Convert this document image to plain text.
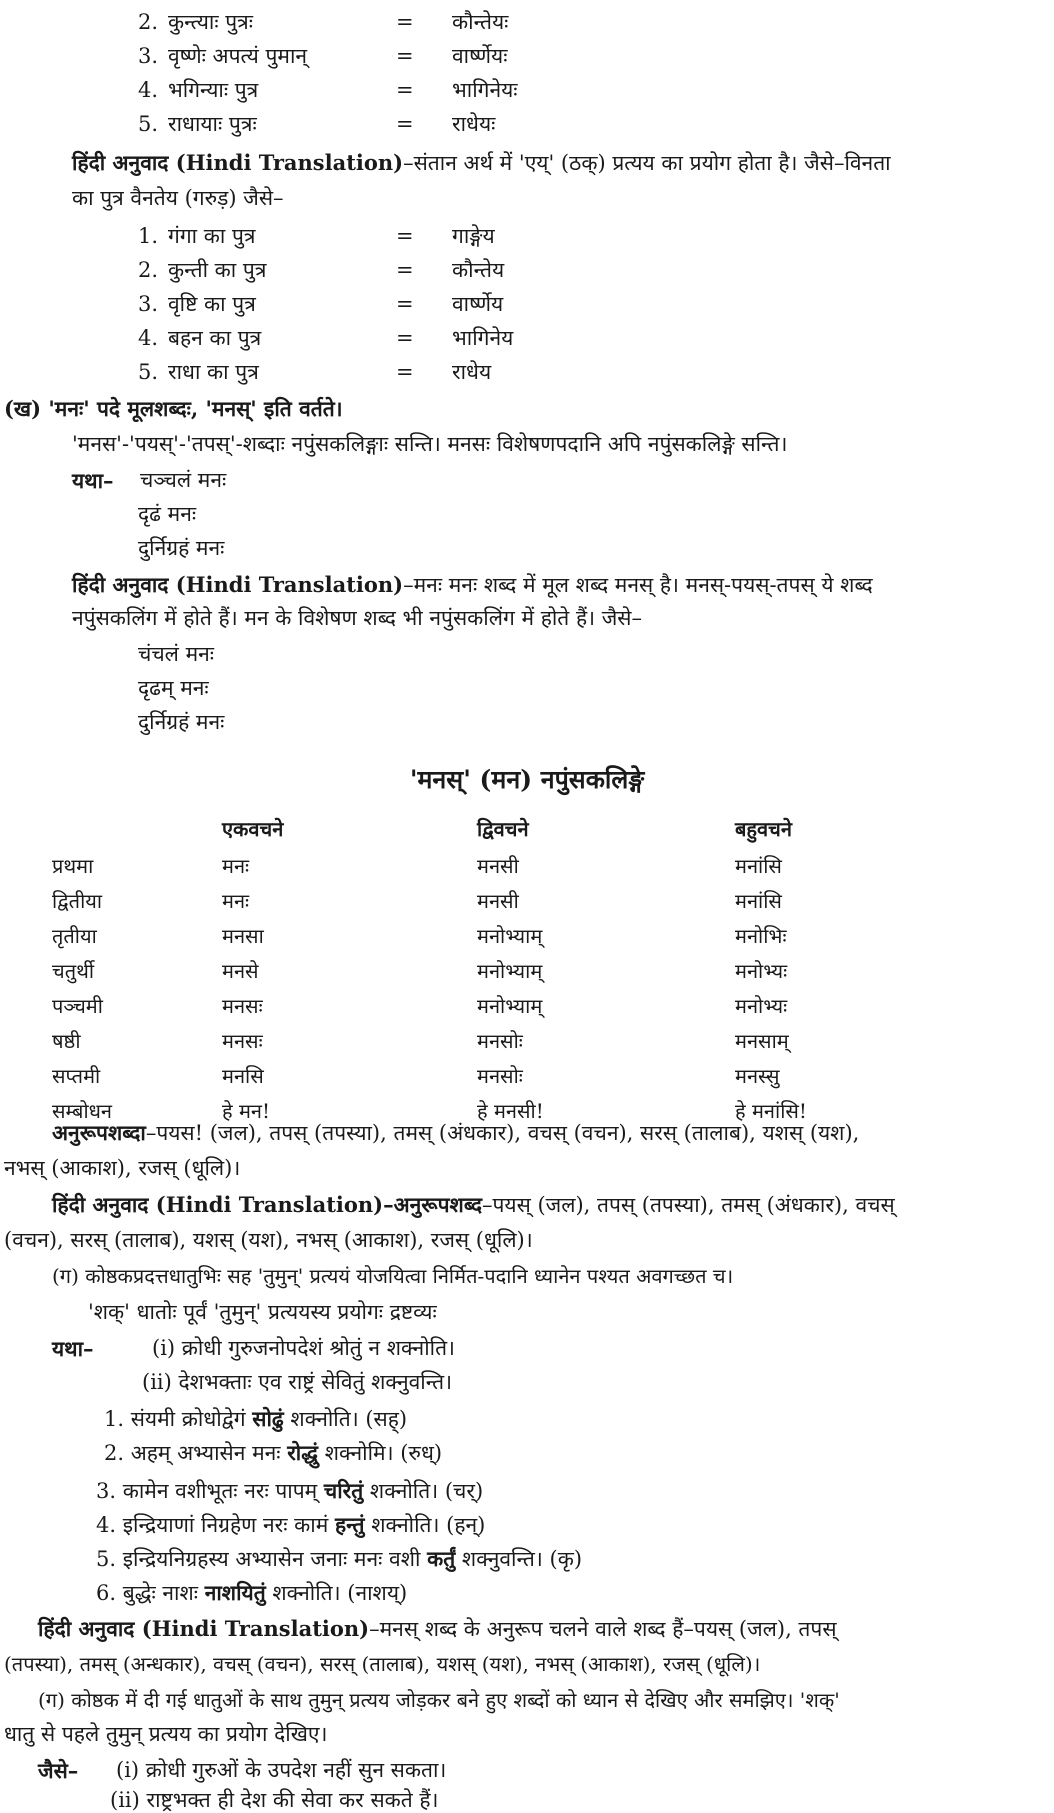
2. कुन्त्याः पुत्रः	= कौन्तेयः
3. वृष्णेः अपत्यं पुमान्	= वार्ष्णेयः
4. भगिन्याः पुत्र	= भागिनेयः
5. राधायाः पुत्रः	= राधेयः
हिंदी अनुवाद (Hindi Translation)–संतान अर्थ में 'एय्' (ठक्) प्रत्यय का प्रयोग होता है। जैसे–विनता
का पुत्र वैनतेय (गरुड़) जैसे–
1. गंगा का पुत्र	= गाङ्गेय
2. कुन्ती का पुत्र	= कौन्तेय
3. वृष्टि का पुत्र	= वार्ष्णेय
4. बहन का पुत्र	= भागिनेय
5. राधा का पुत्र	= राधेय
(ख) 'मनः' पदे मूलशब्दः, 'मनस्' इति वर्तते।
'मनस'-'पयस्'-'तपस्'-शब्दाः नपुंसकलिङ्गाः सन्ति। मनसः विशेषणपदानि अपि नपुंसकलिङ्गे सन्ति।
यथा– चञ्चलं मनः
दृढं मनः
दुर्निग्रहं मनः
हिंदी अनुवाद (Hindi Translation)–मनः मनः शब्द में मूल शब्द मनस् है। मनस्-पयस्-तपस् ये शब्द
नपुंसकलिंग में होते हैं। मन के विशेषण शब्द भी नपुंसकलिंग में होते हैं। जैसे–
चंचलं मनः
दृढम् मनः
दुर्निग्रहं मनः
'मनस्' (मन) नपुंसकलिङ्गे
	एकवचने	द्विवचने	बहुवचने
प्रथमा	मनः	मनसी	मनांसि
द्वितीया	मनः	मनसी	मनांसि
तृतीया	मनसा	मनोभ्याम्	मनोभिः
चतुर्थी	मनसे	मनोभ्याम्	मनोभ्यः
पञ्चमी	मनसः	मनोभ्याम्	मनोभ्यः
षष्ठी	मनसः	मनसोः	मनसाम्
सप्तमी	मनसि	मनसोः	मनस्सु
सम्बोधन	हे मन!	हे मनसी!	हे मनांसि!
अनुरूपशब्दा–पयस! (जल), तपस् (तपस्या), तमस् (अंधकार), वचस् (वचन), सरस् (तालाब), यशस् (यश),
नभस् (आकाश), रजस् (धूलि)।
हिंदी अनुवाद (Hindi Translation)–अनुरूपशब्द–पयस् (जल), तपस् (तपस्या), तमस् (अंधकार), वचस्
(वचन), सरस् (तालाब), यशस् (यश), नभस् (आकाश), रजस् (धूलि)।
(ग) कोष्ठकप्रदत्तधातुभिः सह 'तुमुन्' प्रत्ययं योजयित्वा निर्मित-पदानि ध्यानेन पश्यत अवगच्छत च।
'शक्' धातोः पूर्वं 'तुमुन्' प्रत्ययस्य प्रयोगः द्रष्टव्यः
यथा–	(i) क्रोधी गुरुजनोपदेशं श्रोतुं न शक्नोति।
(ii) देशभक्ताः एव राष्ट्रं सेवितुं शक्नुवन्ति।
1. संयमी क्रोधोद्वेगं सोढुं शक्नोति। (सह्)
2. अहम् अभ्यासेन मनः रोद्धुं शक्नोमि। (रुध्)
3. कामेन वशीभूतः नरः पापम् चरितुं शक्नोति। (चर्)
4. इन्द्रियाणां निग्रहेण नरः कामं हन्तुं शक्नोति। (हन्)
5. इन्द्रियनिग्रहस्य अभ्यासेन जनाः मनः वशी कर्तुं शक्नुवन्ति। (कृ)
6. बुद्धेः नाशः नाशयितुं शक्नोति। (नाशय्)
हिंदी अनुवाद (Hindi Translation)–मनस् शब्द के अनुरूप चलने वाले शब्द हैं–पयस् (जल), तपस्
(तपस्या), तमस् (अन्धकार), वचस् (वचन), सरस् (तालाब), यशस् (यश), नभस् (आकाश), रजस् (धूलि)।
(ग) कोष्ठक में दी गई धातुओं के साथ तुमुन् प्रत्यय जोड़कर बने हुए शब्दों को ध्यान से देखिए और समझिए। 'शक्'
धातु से पहले तुमुन् प्रत्यय का प्रयोग देखिए।
जैसे– (i) क्रोधी गुरुओं के उपदेश नहीं सुन सकता।
(ii) राष्ट्रभक्त ही देश की सेवा कर सकते हैं।
